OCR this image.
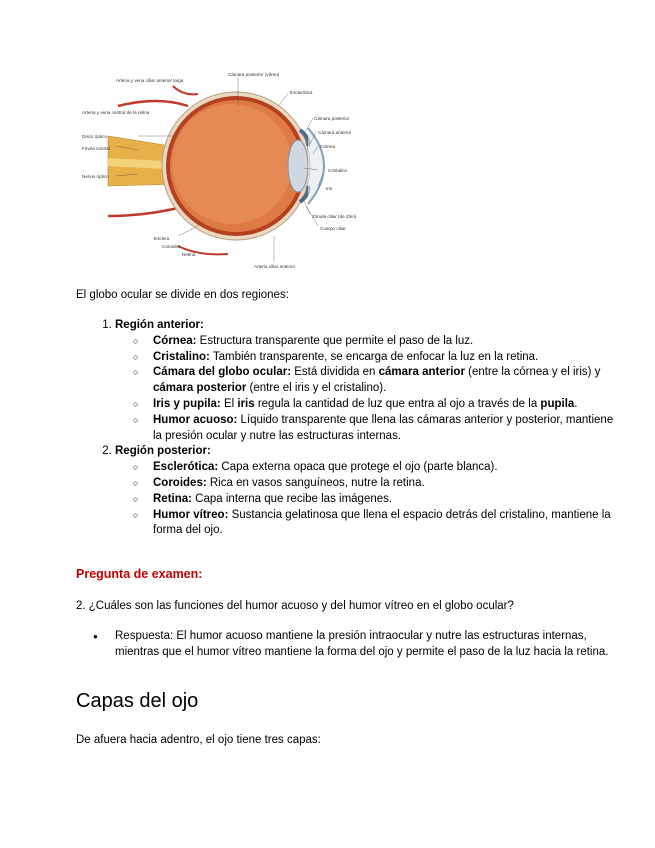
Arteria y vena ciliar anterior larga
Cámara posterior (vítreo)
Esclerótica
Arteria y vena central de la retina
Cámara posterior
Cámara anterior
Disco óptico
Fóvea central	Córnea
Cristalino
Nervio óptico
Iris
Zónula ciliar (de Zinn)
Cuerpo ciliar
Esclera
Coroides
Retina
Arteria ciliar anterior
El globo ocular se divide en dos regiones:
1. Región anterior:
○ Córnea: Estructura transparente que permite el paso de la luz.
○ Cristalino: También transparente, se encarga de enfocar la luz en la retina.
○ Cámara del globo ocular: Está dividida en cámara anterior (entre la córnea y el iris) y cámara posterior (entre el iris y el cristalino).
○ Iris y pupila: El iris regula la cantidad de luz que entra al ojo a través de la pupila.
○ Humor acuoso: Líquido transparente que llena las cámaras anterior y posterior, mantiene la presión ocular y nutre las estructuras internas.
2. Región posterior:
○ Esclerótica: Capa externa opaca que protege el ojo (parte blanca).
○ Coroides: Rica en vasos sanguíneos, nutre la retina.
○ Retina: Capa interna que recibe las imágenes.
○ Humor vítreo: Sustancia gelatinosa que llena el espacio detrás del cristalino, mantiene la forma del ojo.
Pregunta de examen:
2. ¿Cuáles son las funciones del humor acuoso y del humor vítreo en el globo ocular?
● Respuesta: El humor acuoso mantiene la presión intraocular y nutre las estructuras internas, mientras que el humor vítreo mantiene la forma del ojo y permite el paso de la luz hacia la retina.
Capas del ojo
De afuera hacia adentro, el ojo tiene tres capas:
